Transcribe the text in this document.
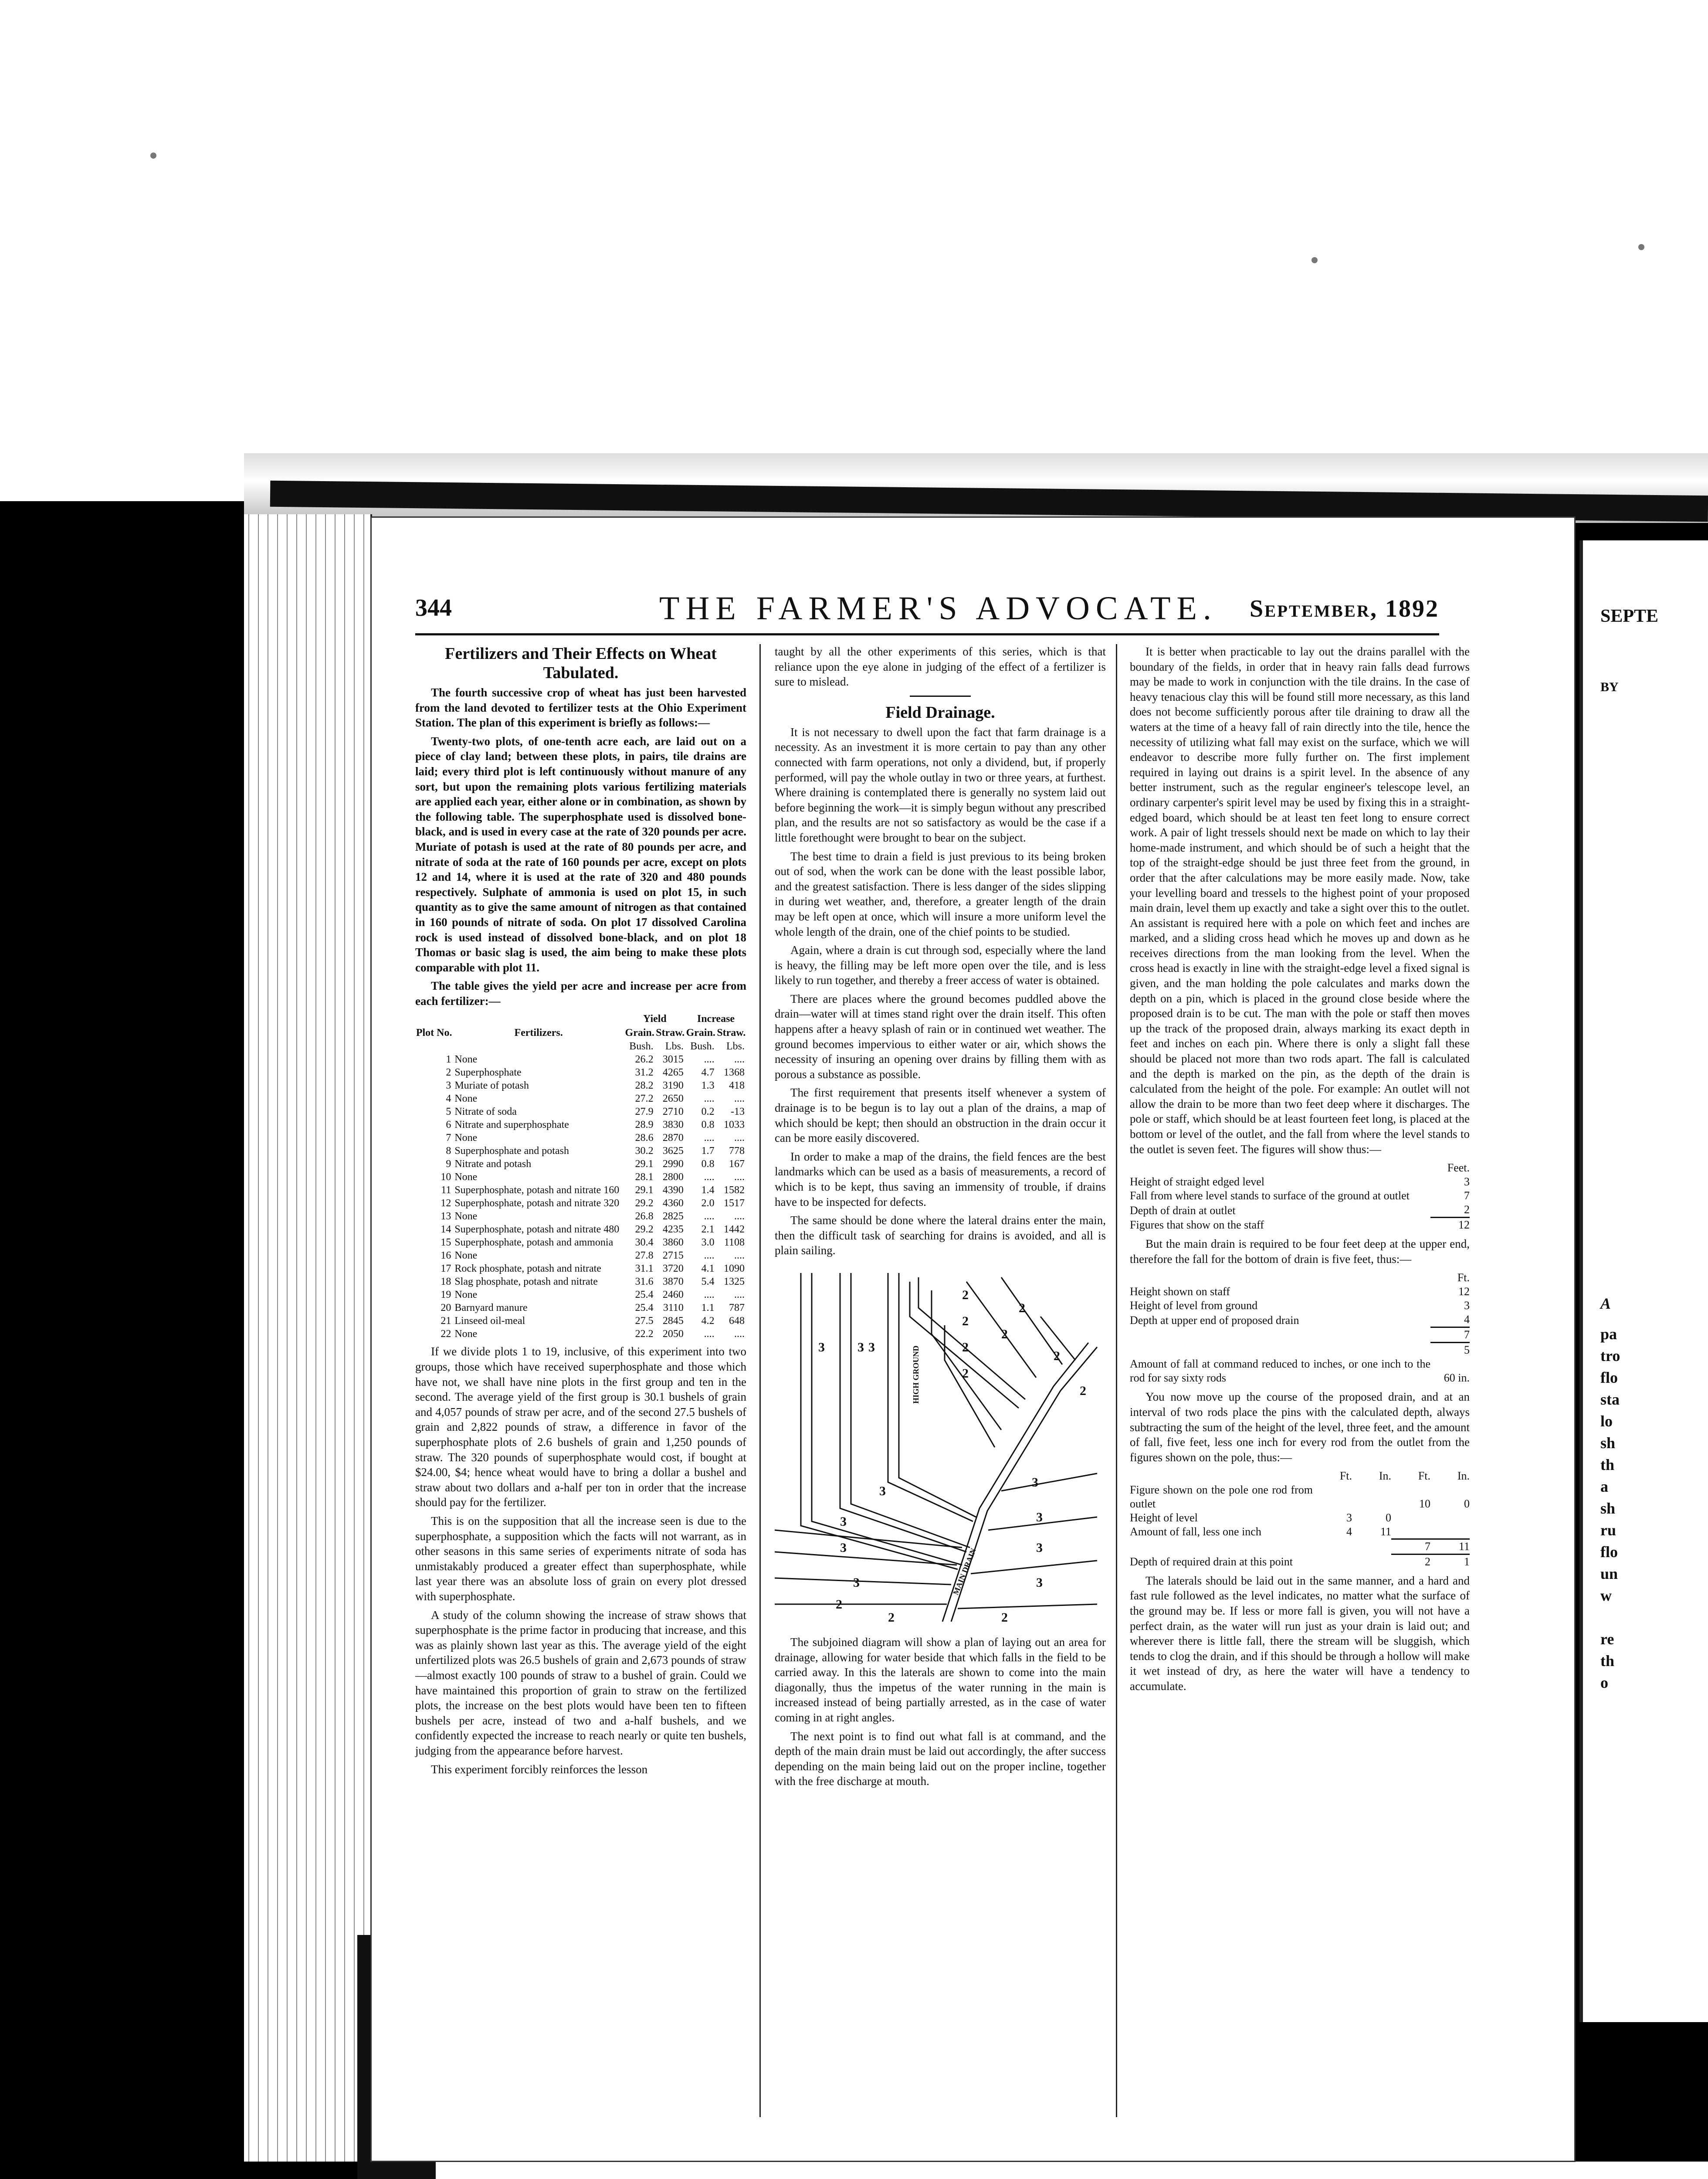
SEPTE
BY
A
pa
tro
flo
sta
lo
sh
th
a
sh
ru
flo
un
w
re
th
o
344	THE FARMER'S ADVOCATE. September, 1892
Fertilizers and Their Effects on Wheat Tabulated.

The fourth successive crop of wheat has just been harvested from the land devoted to fertilizer tests at the Ohio Experiment Station. The plan of this experiment is briefly as follows:—

Twenty-two plots, of one-tenth acre each, are laid out on a piece of clay land; between these plots, in pairs, tile drains are laid; every third plot is left continuously without manure of any sort, but upon the remaining plots various fertilizing materials are applied each year, either alone or in combination, as shown by the following table. The superphosphate used is dissolved bone-black, and is used in every case at the rate of 320 pounds per acre. Muriate of potash is used at the rate of 80 pounds per acre, and nitrate of soda at the rate of 160 pounds per acre, except on plots 12 and 14, where it is used at the rate of 320 and 480 pounds respectively. Sulphate of ammonia is used on plot 15, in such quantity as to give the same amount of nitrogen as that contained in 160 pounds of nitrate of soda. On plot 17 dissolved Carolina rock is used instead of dissolved bone-black, and on plot 18 Thomas or basic slag is used, the aim being to make these plots comparable with plot 11.

The table gives the yield per acre and increase per acre from each fertilizer:—

		Yield		Increase	
Plot No.	Fertilizers.	Grain.	Straw.	Grain.	Straw.
		Bush.	Lbs.	Bush.	Lbs.
1	None	26.2	3015	....	....
2	Superphosphate	31.2	4265	4.7	1368
3	Muriate of potash	28.2	3190	1.3	418
4	None	27.2	2650	....	....
5	Nitrate of soda	27.9	2710	0.2	-13
6	Nitrate and superphosphate	28.9	3830	0.8	1033
7	None	28.6	2870	....	....
8	Superphosphate and potash	30.2	3625	1.7	778
9	Nitrate and potash	29.1	2990	0.8	167
10	None	28.1	2800	....	....
11	Superphosphate, potash and nitrate 160	29.1	4390	1.4	1582
12	Superphosphate, potash and nitrate 320	29.2	4360	2.0	1517
13	None	26.8	2825	....	....
14	Superphosphate, potash and nitrate 480	29.2	4235	2.1	1442
15	Superphosphate, potash and ammonia	30.4	3860	3.0	1108
16	None	27.8	2715	....	....
17	Rock phosphate, potash and nitrate	31.1	3720	4.1	1090
18	Slag phosphate, potash and nitrate	31.6	3870	5.4	1325
19	None	25.4	2460	....	....
20	Barnyard manure	25.4	3110	1.1	787
21	Linseed oil-meal	27.5	2845	4.2	648
22	None	22.2	2050	....	....

If we divide plots 1 to 19, inclusive, of this experiment into two groups, those which have received superphosphate and those which have not, we shall have nine plots in the first group and ten in the second. The average yield of the first group is 30.1 bushels of grain and 4,057 pounds of straw per acre, and of the second 27.5 bushels of grain and 2,822 pounds of straw, a difference in favor of the superphosphate plots of 2.6 bushels of grain and 1,250 pounds of straw. The 320 pounds of superphosphate would cost, if bought at $24.00, $4; hence wheat would have to bring a dollar a bushel and straw about two dollars and a-half per ton in order that the increase should pay for the fertilizer.

This is on the supposition that all the increase seen is due to the superphosphate, a supposition which the facts will not warrant, as in other seasons in this same series of experiments nitrate of soda has unmistakably produced a greater effect than superphosphate, while last year there was an absolute loss of grain on every plot dressed with superphosphate.

A study of the column showing the increase of straw shows that superphosphate is the prime factor in producing that increase, and this was as plainly shown last year as this. The average yield of the eight unfertilized plots was 26.5 bushels of grain and 2,673 pounds of straw—almost exactly 100 pounds of straw to a bushel of grain. Could we have maintained this proportion of grain to straw on the fertilized plots, the increase on the best plots would have been ten to fifteen bushels per acre, instead of two and a-half bushels, and we confidently expected the increase to reach nearly or quite ten bushels, judging from the appearance before harvest.

This experiment forcibly reinforces the lesson

taught by all the other experiments of this series, which is that reliance upon the eye alone in judging of the effect of a fertilizer is sure to mislead.

Field Drainage.

It is not necessary to dwell upon the fact that farm drainage is a necessity. As an investment it is more certain to pay than any other connected with farm operations, not only a dividend, but, if properly performed, will pay the whole outlay in two or three years, at furthest. Where draining is contemplated there is generally no system laid out before beginning the work—it is simply begun without any prescribed plan, and the results are not so satisfactory as would be the case if a little forethought were brought to bear on the subject.

The best time to drain a field is just previous to its being broken out of sod, when the work can be done with the least possible labor, and the greatest satisfaction. There is less danger of the sides slipping in during wet weather, and, therefore, a greater length of the drain may be left open at once, which will insure a more uniform level the whole length of the drain, one of the chief points to be studied.

Again, where a drain is cut through sod, especially where the land is heavy, the filling may be left more open over the tile, and is less likely to run together, and thereby a freer access of water is obtained.

There are places where the ground becomes puddled above the drain—water will at times stand right over the drain itself. This often happens after a heavy splash of rain or in continued wet weather. The ground becomes impervious to either water or air, which shows the necessity of insuring an opening over drains by filling them with as porous a substance as possible.

The first requirement that presents itself whenever a system of drainage is to be begun is to lay out a plan of the drains, a map of which should be kept; then should an obstruction in the drain occur it can be more easily discovered.

In order to make a map of the drains, the field fences are the best landmarks which can be used as a basis of measurements, a record of which is to be kept, thus saving an immensity of trouble, if drains have to be inspected for defects.

The same should be done where the lateral drains enter the main, then the difficult task of searching for drains is avoided, and all is plain sailing.

3	3 3	HIGH GROUND
2
2
2
2
2
2
2
2
3
3
3
3
3
3
3
3
2
2	2
MAIN DRAIN

The subjoined diagram will show a plan of laying out an area for drainage, allowing for water beside that which falls in the field to be carried away. In this the laterals are shown to come into the main diagonally, thus the impetus of the water running in the main is increased instead of being partially arrested, as in the case of water coming in at right angles.

The next point is to find out what fall is at command, and the depth of the main drain must be laid out accordingly, the after success depending on the main being laid out on the proper incline, together with the free discharge at mouth.

It is better when practicable to lay out the drains parallel with the boundary of the fields, in order that in heavy rain falls dead furrows may be made to work in conjunction with the tile drains. In the case of heavy tenacious clay this will be found still more necessary, as this land does not become sufficiently porous after tile draining to draw all the waters at the time of a heavy fall of rain directly into the tile, hence the necessity of utilizing what fall may exist on the surface, which we will endeavor to describe more fully further on. The first implement required in laying out drains is a spirit level. In the absence of any better instrument, such as the regular engineer's telescope level, an ordinary carpenter's spirit level may be used by fixing this in a straight-edged board, which should be at least ten feet long to ensure correct work. A pair of light tressels should next be made on which to lay their home-made instrument, and which should be of such a height that the top of the straight-edge should be just three feet from the ground, in order that the after calculations may be more easily made. Now, take your levelling board and tressels to the highest point of your proposed main drain, level them up exactly and take a sight over this to the outlet. An assistant is required here with a pole on which feet and inches are marked, and a sliding cross head which he moves up and down as he receives directions from the man looking from the level. When the cross head is exactly in line with the straight-edge level a fixed signal is given, and the man holding the pole calculates and marks down the depth on a pin, which is placed in the ground close beside where the proposed drain is to be cut. The man with the pole or staff then moves up the track of the proposed drain, always marking its exact depth in feet and inches on each pin. Where there is only a slight fall these should be placed not more than two rods apart. The fall is calculated and the depth is marked on the pin, as the depth of the drain is calculated from the height of the pole. For example: An outlet will not allow the drain to be more than two feet deep where it discharges. The pole or staff, which should be at least fourteen feet long, is placed at the bottom or level of the outlet, and the fall from where the level stands to the outlet is seven feet. The figures will show thus:—

	Feet.
Height of straight edged level	3
Fall from where level stands to surface of the ground at outlet	7
Depth of drain at outlet	2
Figures that show on the staff	12

But the main drain is required to be four feet deep at the upper end, therefore the fall for the bottom of drain is five feet, thus:—

	Ft.
Height shown on staff	12
Height of level from ground	3
Depth at upper end of proposed drain	4
	7
	5
Amount of fall at command reduced to inches, or one inch to the rod for say sixty rods	60 in.

You now move up the course of the proposed drain, and at an interval of two rods place the pins with the calculated depth, always subtracting the sum of the height of the level, three feet, and the amount of fall, five feet, less one inch for every rod from the outlet from the figures shown on the pole, thus:—

	Ft.	In.	Ft.	In.
Figure shown on the pole one rod from outlet			10	0
Height of level	3	0		
Amount of fall, less one inch	4	11		
			7	11
Depth of required drain at this point			2	1

The laterals should be laid out in the same manner, and a hard and fast rule followed as the level indicates, no matter what the surface of the ground may be. If less or more fall is given, you will not have a perfect drain, as the water will run just as your drain is laid out; and wherever there is little fall, there the stream will be sluggish, which tends to clog the drain, and if this should be through a hollow will make it wet instead of dry, as here the water will have a tendency to accumulate.
